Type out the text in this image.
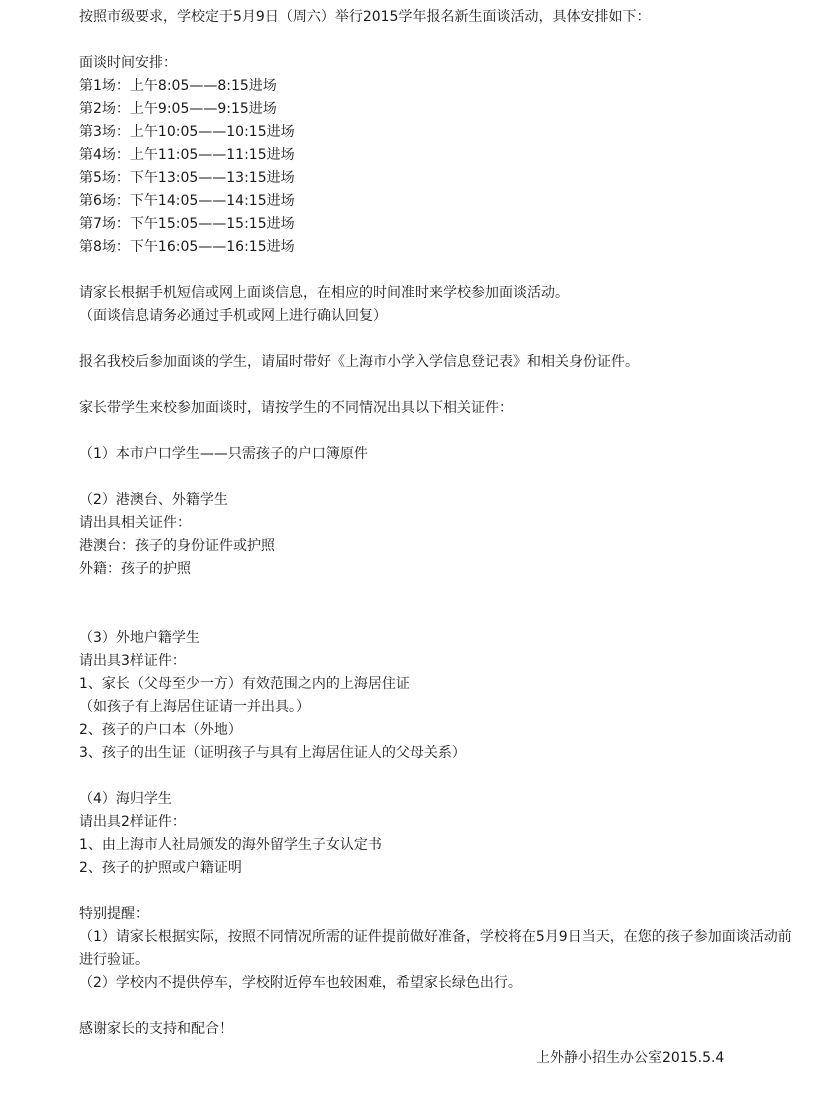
按照市级要求，学校定于5月9日（周六）举行2015学年报名新生面谈活动，具体安排如下：
面谈时间安排：
第1场：上午8:05——8:15进场
第2场：上午9:05——9:15进场
第3场：上午10:05——10:15进场
第4场：上午11:05——11:15进场
第5场：下午13:05——13:15进场
第6场：下午14:05——14:15进场
第7场：下午15:05——15:15进场
第8场：下午16:05——16:15进场
请家长根据手机短信或网上面谈信息，在相应的时间准时来学校参加面谈活动。
（面谈信息请务必通过手机或网上进行确认回复）
报名我校后参加面谈的学生，请届时带好《上海市小学入学信息登记表》和相关身份证件。
家长带学生来校参加面谈时，请按学生的不同情况出具以下相关证件：
（1）本市户口学生——只需孩子的户口簿原件
（2）港澳台、外籍学生
请出具相关证件：
港澳台：孩子的身份证件或护照
外籍：孩子的护照
（3）外地户籍学生
请出具3样证件：
1、家长（父母至少一方）有效范围之内的上海居住证
（如孩子有上海居住证请一并出具。）
2、孩子的户口本（外地）
3、孩子的出生证（证明孩子与具有上海居住证人的父母关系）
（4）海归学生
请出具2样证件：
1、由上海市人社局颁发的海外留学生子女认定书
2、孩子的护照或户籍证明
特别提醒：
（1）请家长根据实际，按照不同情况所需的证件提前做好准备，学校将在5月9日当天，在您的孩子参加面谈活动前进行验证。
（2）学校内不提供停车，学校附近停车也较困难，希望家长绿色出行。
感谢家长的支持和配合！
上外静小招生办公室2015.5.4
